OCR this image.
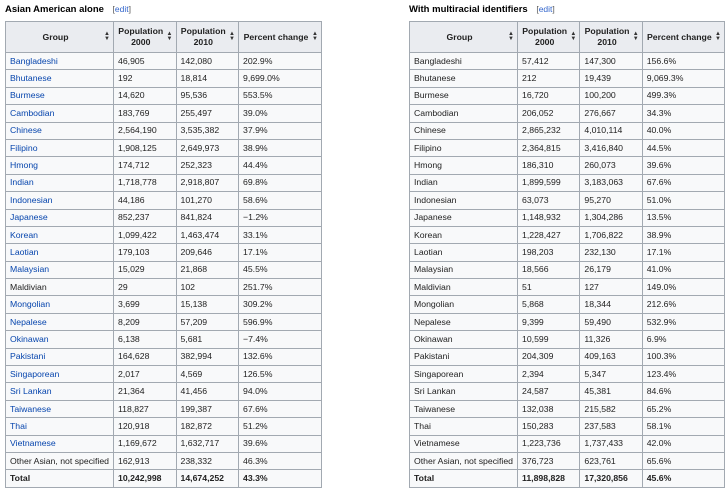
Asian American alone [edit]
Group ▲
▼	Population
2000
▲
▼	Population
2010
▲
▼	Percent change ▲
▼

Bangladeshi	46,905	142,080	202.9%
Bhutanese	192	18,814	9,699.0%
Burmese	14,620	95,536	553.5%
Cambodian	183,769	255,497	39.0%
Chinese	2,564,190	3,535,382	37.9%
Filipino	1,908,125	2,649,973	38.9%
Hmong	174,712	252,323	44.4%
Indian	1,718,778	2,918,807	69.8%
Indonesian	44,186	101,270	58.6%
Japanese	852,237	841,824	−1.2%
Korean	1,099,422	1,463,474	33.1%
Laotian	179,103	209,646	17.1%
Malaysian	15,029	21,868	45.5%
Maldivian	29	102	251.7%
Mongolian	3,699	15,138	309.2%
Nepalese	8,209	57,209	596.9%
Okinawan	6,138	5,681	−7.4%
Pakistani	164,628	382,994	132.6%
Singaporean	2,017	4,569	126.5%
Sri Lankan	21,364	41,456	94.0%
Taiwanese	118,827	199,387	67.6%
Thai	120,918	182,872	51.2%
Vietnamese	1,169,672	1,632,717	39.6%
Other Asian, not specified	162,913	238,332	46.3%
Total	10,242,998	14,674,252	43.3%
With multiracial identifiers [edit]
Group ▲
▼	Population
2000
▲
▼	Population
2010
▲
▼	Percent change ▲
▼

Bangladeshi	57,412	147,300	156.6%
Bhutanese	212	19,439	9,069.3%
Burmese	16,720	100,200	499.3%
Cambodian	206,052	276,667	34.3%
Chinese	2,865,232	4,010,114	40.0%
Filipino	2,364,815	3,416,840	44.5%
Hmong	186,310	260,073	39.6%
Indian	1,899,599	3,183,063	67.6%
Indonesian	63,073	95,270	51.0%
Japanese	1,148,932	1,304,286	13.5%
Korean	1,228,427	1,706,822	38.9%
Laotian	198,203	232,130	17.1%
Malaysian	18,566	26,179	41.0%
Maldivian	51	127	149.0%
Mongolian	5,868	18,344	212.6%
Nepalese	9,399	59,490	532.9%
Okinawan	10,599	11,326	6.9%
Pakistani	204,309	409,163	100.3%
Singaporean	2,394	5,347	123.4%
Sri Lankan	24,587	45,381	84.6%
Taiwanese	132,038	215,582	65.2%
Thai	150,283	237,583	58.1%
Vietnamese	1,223,736	1,737,433	42.0%
Other Asian, not specified	376,723	623,761	65.6%
Total	11,898,828	17,320,856	45.6%
